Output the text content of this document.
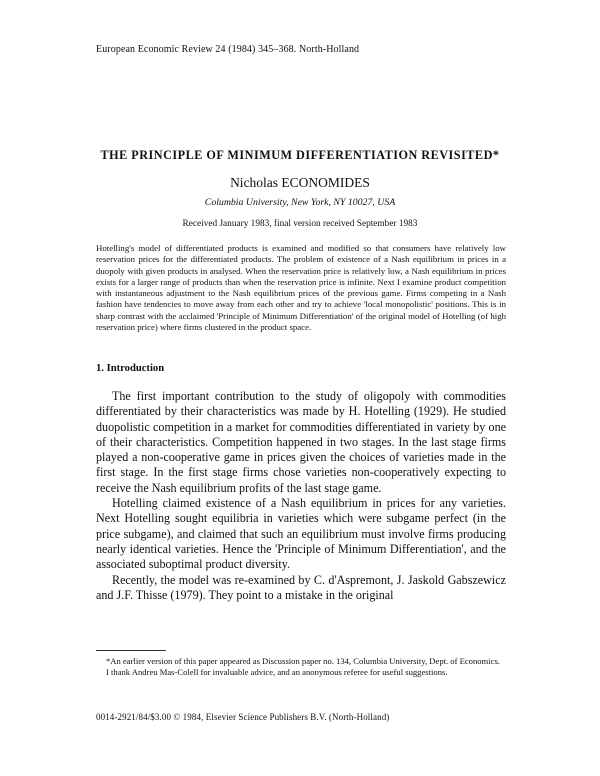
European Economic Review 24 (1984) 345–368. North-Holland
THE PRINCIPLE OF MINIMUM DIFFERENTIATION REVISITED*
Nicholas ECONOMIDES
Columbia University, New York, NY 10027, USA
Received January 1983, final version received September 1983

Hotelling's model of differentiated products is examined and modified so that consumers have relatively low reservation prices for the differentiated products. The problem of existence of a Nash equilibrium in prices in a duopoly with given products in analysed. When the reservation price is relatively low, a Nash equilibrium in prices exists for a larger range of products than when the reservation price is infinite. Next I examine product competition with instantaneous adjustment to the Nash equilibrium prices of the previous game. Firms competing in a Nash fashion have tendencies to move away from each other and try to achieve 'local monopolistic' positions. This is in sharp contrast with the acclaimed 'Principle of Minimum Differentiation' of the original model of Hotelling (of high reservation price) where firms clustered in the product space.

1. Introduction

The first important contribution to the study of oligopoly with commodities differentiated by their characteristics was made by H. Hotelling (1929). He studied duopolistic competition in a market for commodities differentiated in variety by one of their characteristics. Competition happened in two stages. In the last stage firms played a non-cooperative game in prices given the choices of varieties made in the first stage. In the first stage firms chose varieties non-cooperatively expecting to receive the Nash equilibrium profits of the last stage game.

Hotelling claimed existence of a Nash equilibrium in prices for any varieties. Next Hotelling sought equilibria in varieties which were subgame perfect (in the price subgame), and claimed that such an equilibrium must involve firms producing nearly identical varieties. Hence the 'Principle of Minimum Differentiation', and the associated suboptimal product diversity.

Recently, the model was re-examined by C. d'Aspremont, J. Jaskold Gabszewicz and J.F. Thisse (1979). They point to a mistake in the original

*An earlier version of this paper appeared as Discussion paper no. 134, Columbia University, Dept. of Economics.

I thank Andreu Mas-Colell for invaluable advice, and an anonymous referee for useful suggestions.

0014-2921/84/$3.00 © 1984, Elsevier Science Publishers B.V. (North-Holland)
